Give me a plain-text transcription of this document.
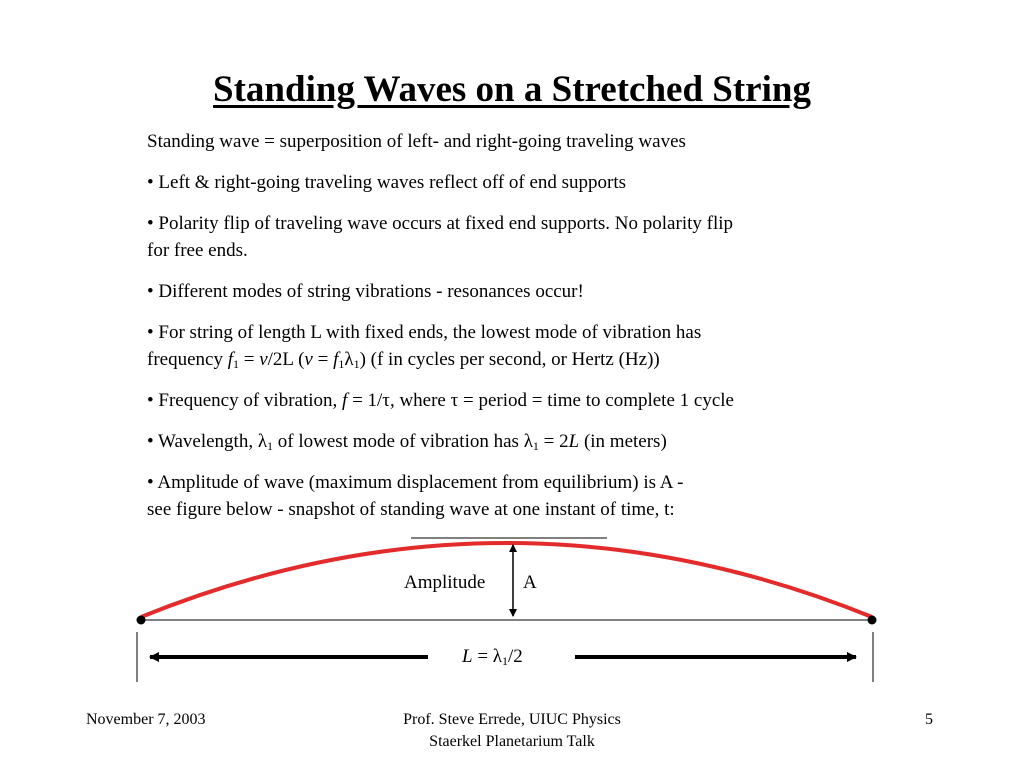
Standing Waves on a Stretched String
Standing wave = superposition of left- and right-going traveling waves
• Left & right-going traveling waves reflect off of end supports
• Polarity flip of traveling wave occurs at fixed end supports. No polarity flip
for free ends.
• Different modes of string vibrations - resonances occur!
• For string of length L with fixed ends, the lowest mode of vibration has
frequency $f_1 = v/2L$ $(v = f_1\lambda_1)$ (f in cycles per second, or Hertz (Hz))
• Frequency of vibration, f = 1/τ, where τ = period = time to complete 1 cycle
• Wavelength, $\lambda_1$ of lowest mode of vibration has $\lambda_1 = 2L$ (in meters)
• Amplitude of wave (maximum displacement from equilibrium) is A -
see figure below - snapshot of standing wave at one instant of time, t:
Amplitude A
$L = \lambda_1/2$
November 7, 2003	Prof. Steve Errede, UIUC Physics
Staerkel Planetarium Talk
5
